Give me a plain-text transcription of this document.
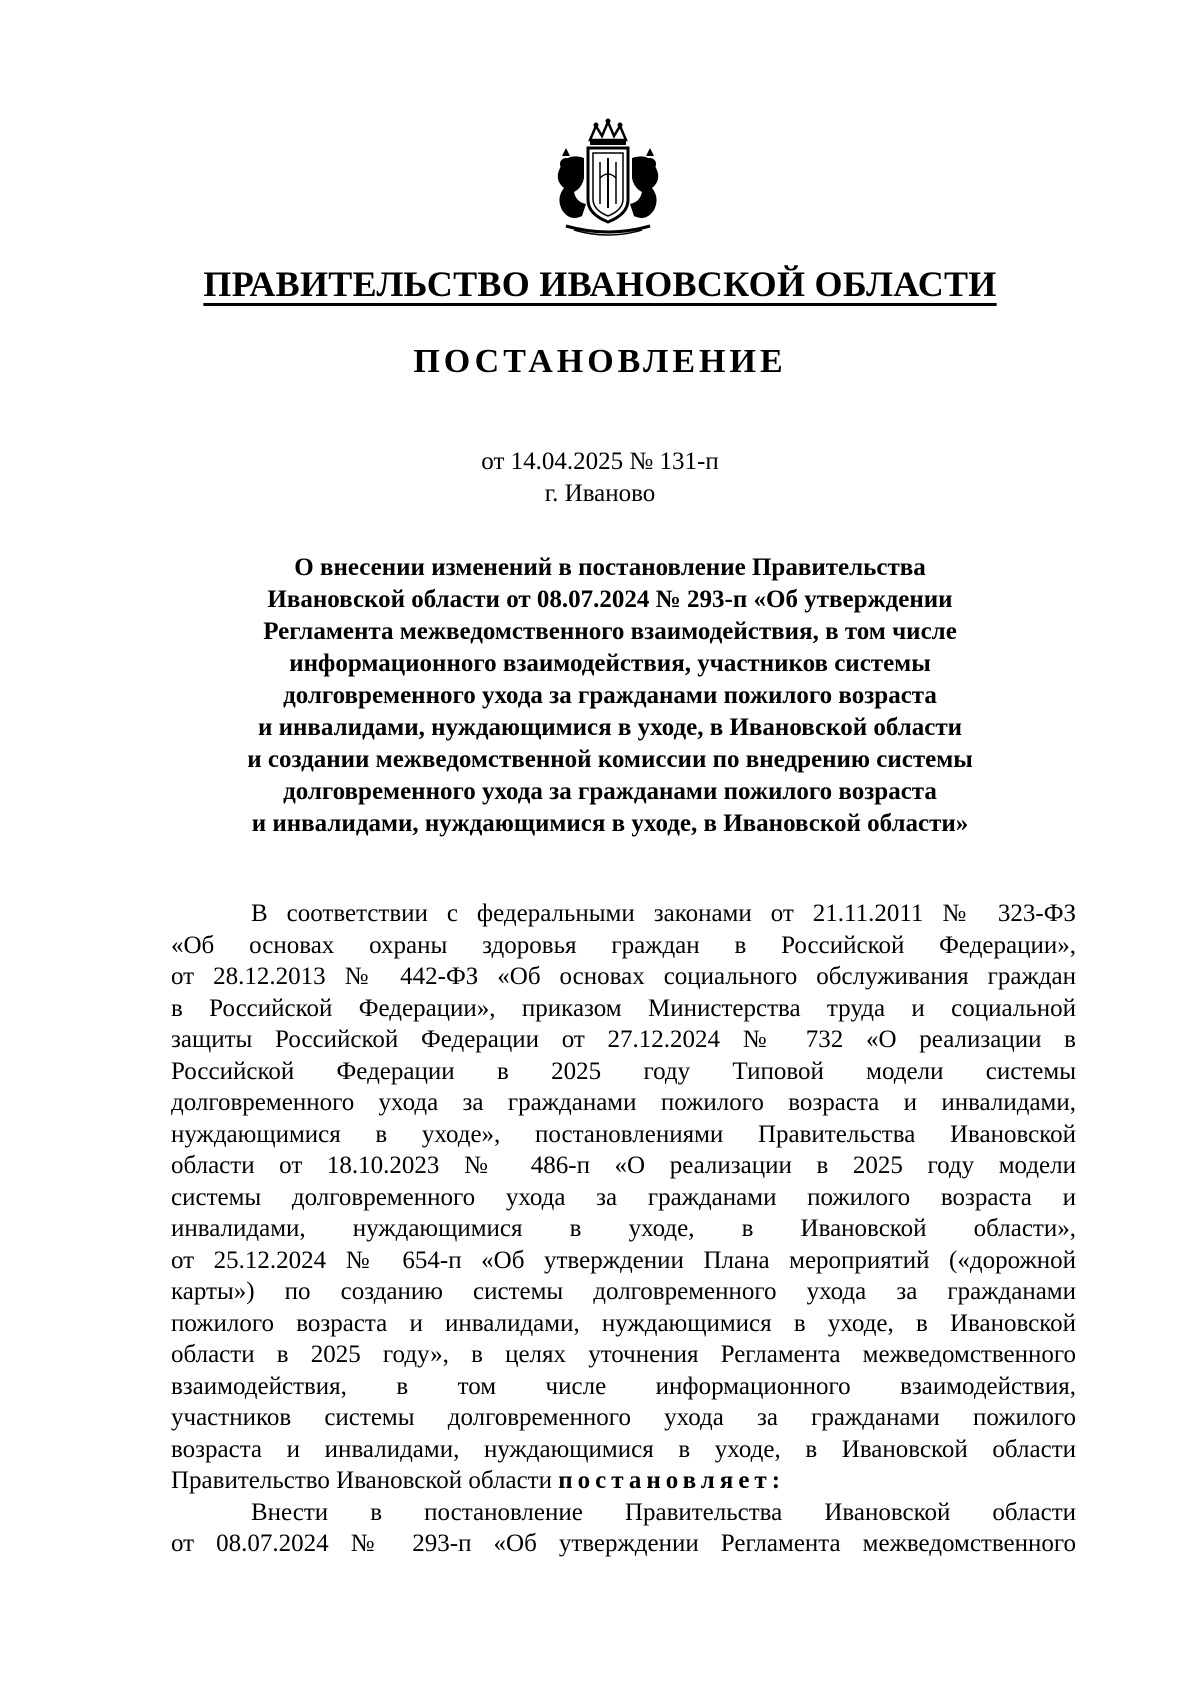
ПРАВИТЕЛЬСТВО ИВАНОВСКОЙ ОБЛАСТИ
ПОСТАНОВЛЕНИЕ
от 14.04.2025 № 131-п
г. Иваново
О внесении изменений в постановление Правительства
Ивановской области от 08.07.2024 № 293-п «Об утверждении
Регламента межведомственного взаимодействия, в том числе
информационного взаимодействия, участников системы
долговременного ухода за гражданами пожилого возраста
и инвалидами, нуждающимися в уходе, в Ивановской области
и создании межведомственной комиссии по внедрению системы
долговременного ухода за гражданами пожилого возраста
и инвалидами, нуждающимися в уходе, в Ивановской области»
В соответствии с федеральными законами от 21.11.2011 № 323-ФЗ
«Об основах охраны здоровья граждан в Российской Федерации»,
от 28.12.2013 № 442-ФЗ «Об основах социального обслуживания граждан
в Российской Федерации», приказом Министерства труда и социальной
защиты Российской Федерации от 27.12.2024 № 732 «О реализации в
Российской Федерации в 2025 году Типовой модели системы
долговременного ухода за гражданами пожилого возраста и инвалидами,
нуждающимися в уходе», постановлениями Правительства Ивановской
области от 18.10.2023 № 486-п «О реализации в 2025 году модели
системы долговременного ухода за гражданами пожилого возраста и
инвалидами, нуждающимися в уходе, в Ивановской области»,
от 25.12.2024 № 654-п «Об утверждении Плана мероприятий («дорожной
карты») по созданию системы долговременного ухода за гражданами
пожилого возраста и инвалидами, нуждающимися в уходе, в Ивановской
области в 2025 году», в целях уточнения Регламента межведомственного
взаимодействия, в том числе информационного взаимодействия,
участников системы долговременного ухода за гражданами пожилого
возраста и инвалидами, нуждающимися в уходе, в Ивановской области
Правительство Ивановской области постановляет:
Внести в постановление Правительства Ивановской области
от 08.07.2024 № 293-п «Об утверждении Регламента межведомственного
